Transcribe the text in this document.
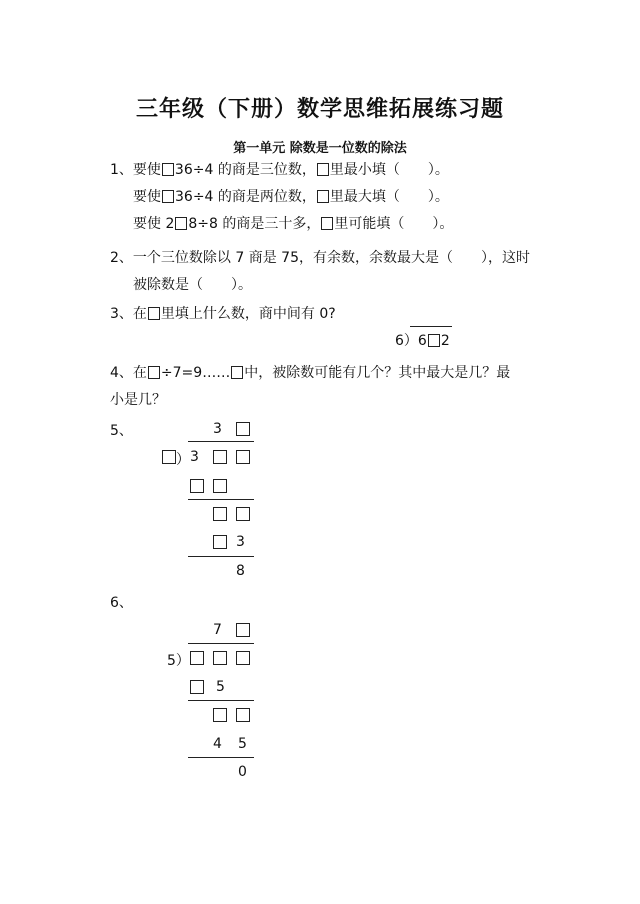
三年级（下册）数学思维拓展练习题
第一单元 除数是一位数的除法
1、要使 36÷4 的商是三位数， 里最小填（　　）。
要使 36÷4 的商是两位数， 里最大填（　　）。
要使 2 8÷8 的商是三十多， 里可能填（　　）。
2、一个三位数除以 7 商是 75，有余数，余数最大是（　　），这时
被除数是（　　）。
3、在 里填上什么数，商中间有 0?
6）6 2
4、在 ÷7=9…… 中，被除数可能有几个？其中最大是几？最
小是几？
5、	3
） 3
3
8
6、
7
5）
5
4 5
0
